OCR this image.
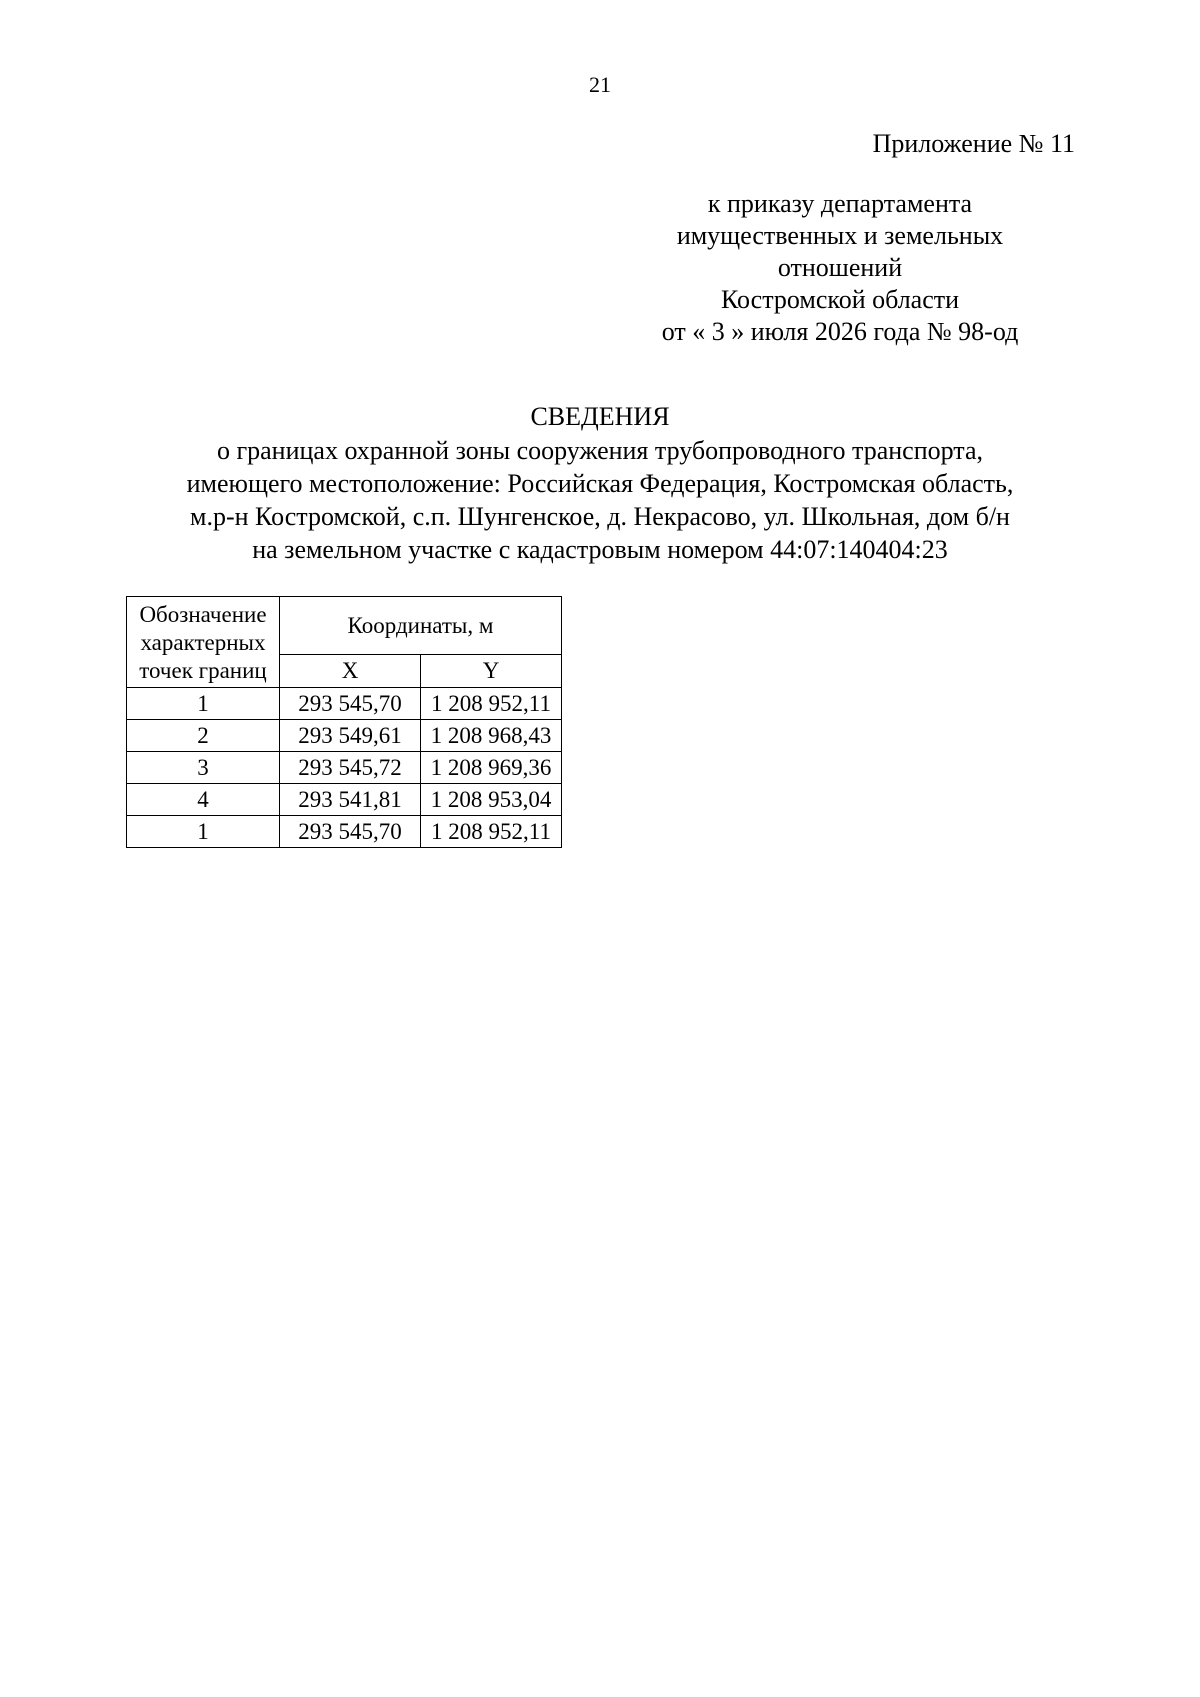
21
Приложение № 11
к приказу департамента
имущественных и земельных
отношений
Костромской области
от « 3 » июля 2026 года № 98-од
СВЕДЕНИЯ
о границах охранной зоны сооружения трубопроводного транспорта,
имеющего местоположение: Российская Федерация, Костромская область,
м.р-н Костромской, с.п. Шунгенское, д. Некрасово, ул. Школьная, дом б/н
на земельном участке с кадастровым номером 44:07:140404:23
Обозначение
характерных
точек границ	Координаты, м	
	X	Y
1	293 545,70	1 208 952,11
2	293 549,61	1 208 968,43
3	293 545,72	1 208 969,36
4	293 541,81	1 208 953,04
1	293 545,70	1 208 952,11
